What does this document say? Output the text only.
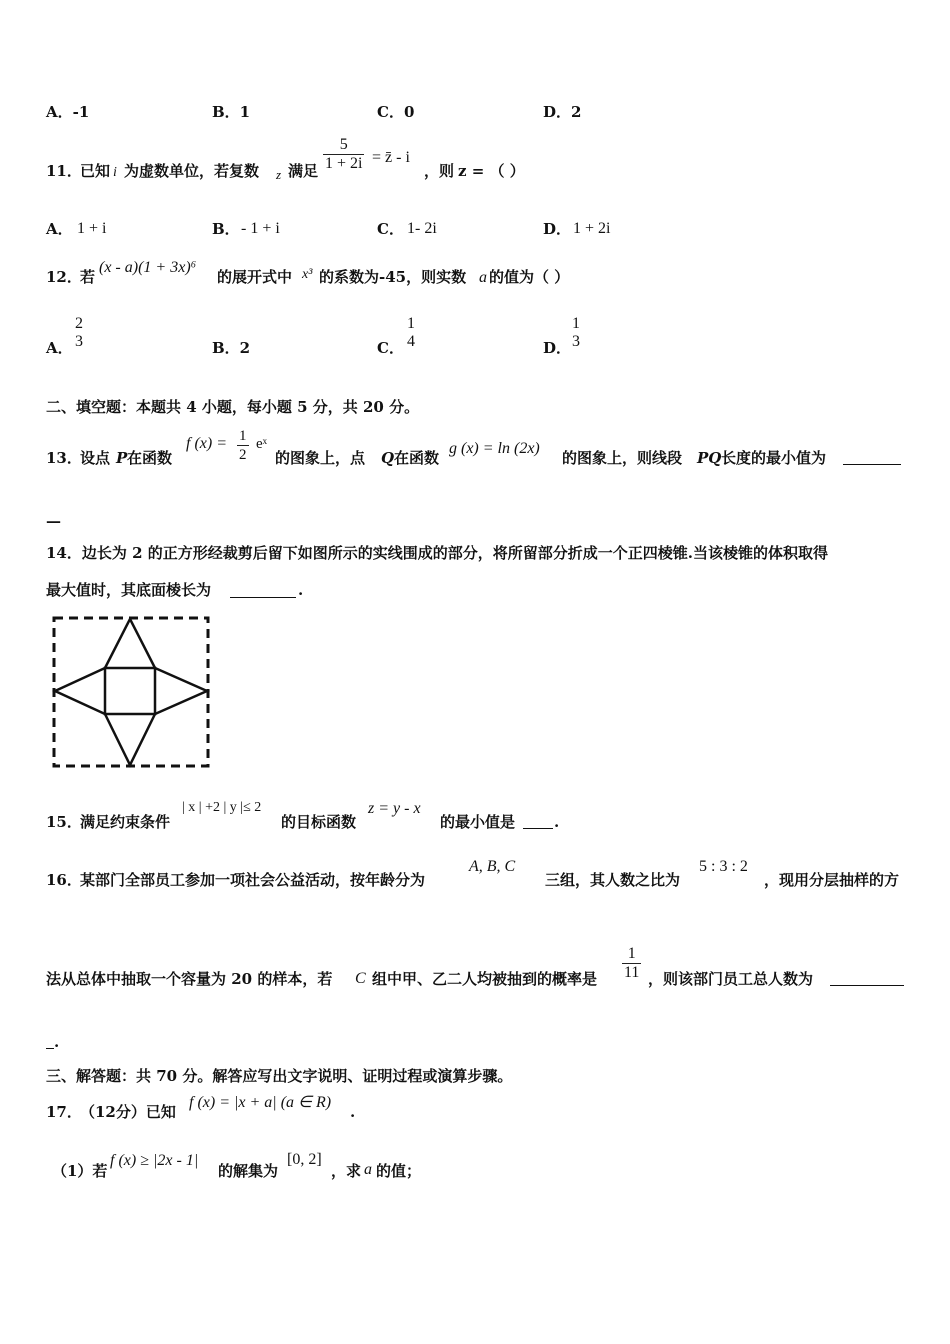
A．-1	B．1	C．0	D．2
11．
已知 i 为虚数单位，若复数 z 满足 $\frac{5}{1 + 2i}$ = z̄ - i
，则 z = （ ）
A． 1 + i	B． - 1 + i	C． 1- 2i	D． 1 + 2i
12．
若
(x - a)(1 + 3x)⁶
的展开式中 x³ 的系数为-45，则实数 a 的值为（ ）
A．
2
3	B．2	C．
1
4	D．
1
3
二、填空题：本题共 4 小题，每小题 5 分，共 20 分。
13．
设点 P 在函数
f $(x) = \frac{1}{2}$ eˣ
的图象上，点 Q 在函数
g (x) = ln (2x)
的图象上，则线段 PQ 长度的最小值为
—
14．边长为 2 的正方形经裁剪后留下如图所示的实线围成的部分，将所留部分折成一个正四棱锥.当该棱锥的体积取得
最大值时，其底面棱长为	.
15．
满足约束条件
| x | +2 | y |≤ 2
的目标函数
z = y - x
的最小值是	.
16．
某部门全部员工参加一项社会公益活动，按年龄分为
A, B, C
三组，其人数之比为
5 : 3 : 2
，现用分层抽样的方
法从总体中抽取一个容量为 20 的样本，若 C 组中甲、乙二人均被抽到的概率是 $\frac{1}{11}$ ，则该部门员工总人数为
.
三、解答题：共 70 分。解答应写出文字说明、证明过程或演算步骤。
17．
（12分）已知
f (x) = |x + a| (a ∈ R)
.
（1）若
f (x) ≥ |2x - 1|
的解集为
[0, 2]
，求 a 的值；
